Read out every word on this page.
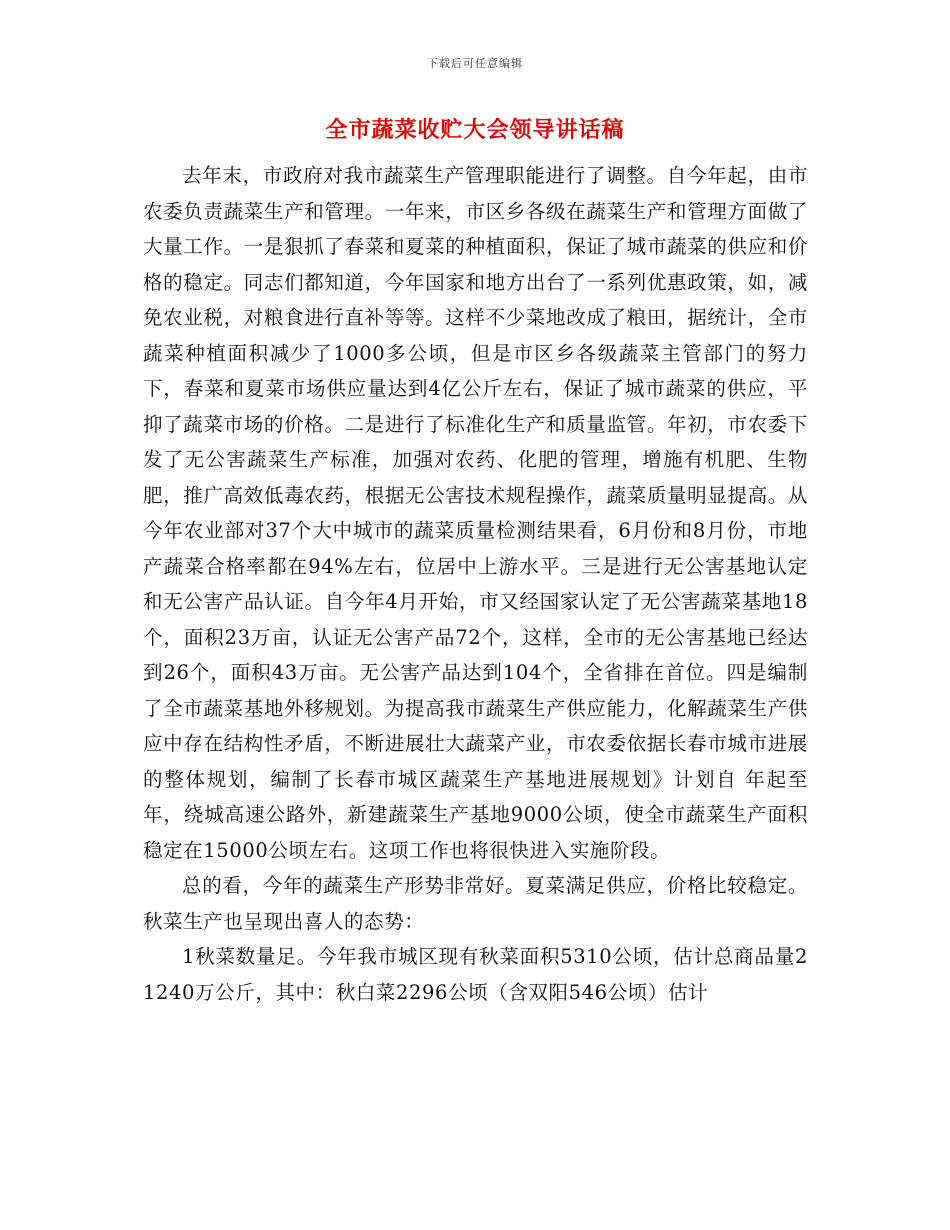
下载后可任意编辑
全市蔬菜收贮大会领导讲话稿

去年末，市政府对我市蔬菜生产管理职能进行了调整。自今年起，由市农委负责蔬菜生产和管理。一年来，市区乡各级在蔬菜生产和管理方面做了大量工作。一是狠抓了春菜和夏菜的种植面积，保证了城市蔬菜的供应和价格的稳定。同志们都知道，今年国家和地方出台了一系列优惠政策，如，减免农业税，对粮食进行直补等等。这样不少菜地改成了粮田，据统计，全市蔬菜种植面积减少了1000多公顷，但是市区乡各级蔬菜主管部门的努力下，春菜和夏菜市场供应量达到4亿公斤左右，保证了城市蔬菜的供应，平抑了蔬菜市场的价格。二是进行了标准化生产和质量监管。年初，市农委下发了无公害蔬菜生产标准，加强对农药、化肥的管理，增施有机肥、生物肥，推广高效低毒农药，根据无公害技术规程操作，蔬菜质量明显提高。从今年农业部对37个大中城市的蔬菜质量检测结果看，6月份和8月份，市地产蔬菜合格率都在94%左右，位居中上游水平。三是进行无公害基地认定和无公害产品认证。自今年4月开始，市又经国家认定了无公害蔬菜基地18个，面积23万亩，认证无公害产品72个，这样，全市的无公害基地已经达到26个，面积43万亩。无公害产品达到104个，全省排在首位。四是编制了全市蔬菜基地外移规划。为提高我市蔬菜生产供应能力，化解蔬菜生产供应中存在结构性矛盾，不断进展壮大蔬菜产业，市农委依据长春市城市进展的整体规划，编制了长春市城区蔬菜生产基地进展规划》计划自 年起至 年，绕城高速公路外，新建蔬菜生产基地9000公顷，使全市蔬菜生产面积稳定在15000公顷左右。这项工作也将很快进入实施阶段。

总的看，今年的蔬菜生产形势非常好。夏菜满足供应，价格比较稳定。秋菜生产也呈现出喜人的态势：

1秋菜数量足。今年我市城区现有秋菜面积5310公顷，估计总商品量21240万公斤，其中：秋白菜2296公顷（含双阳546公顷）估计
